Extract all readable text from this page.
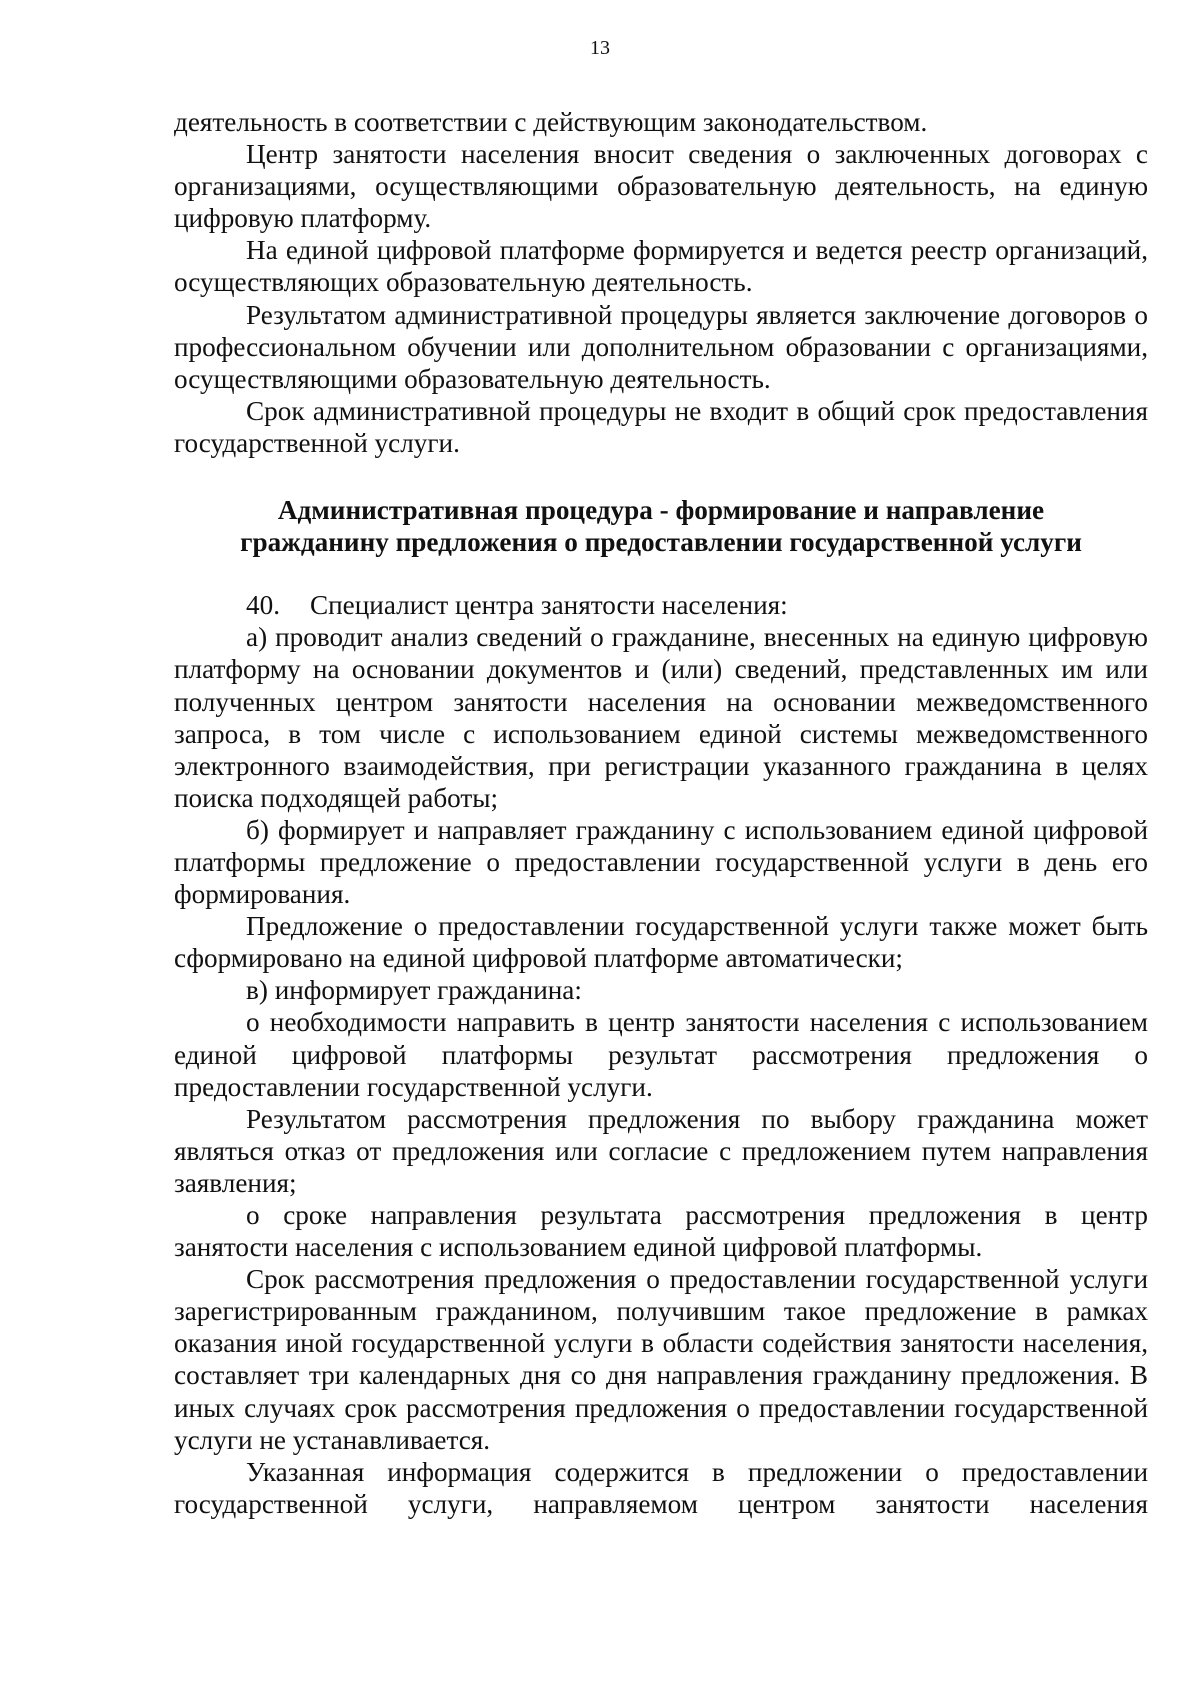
13

деятельность в соответствии с действующим законодательством.

Центр занятости населения вносит сведения о заключенных договорах с организациями, осуществляющими образовательную деятельность, на единую цифровую платформу.

На единой цифровой платформе формируется и ведется реестр организаций, осуществляющих образовательную деятельность.

Результатом административной процедуры является заключение договоров о профессиональном обучении или дополнительном образовании с организациями, осуществляющими образовательную деятельность.

Срок административной процедуры не входит в общий срок предоставления государственной услуги.

Административная процедура - формирование и направление
гражданину предложения о предоставлении государственной услуги

40. Специалист центра занятости населения:

а) проводит анализ сведений о гражданине, внесенных на единую цифровую платформу на основании документов и (или) сведений, представленных им или полученных центром занятости населения на основании межведомственного запроса, в том числе с использованием единой системы межведомственного электронного взаимодействия, при регистрации указанного гражданина в целях поиска подходящей работы;

б) формирует и направляет гражданину с использованием единой цифровой платформы предложение о предоставлении государственной услуги в день его формирования.

Предложение о предоставлении государственной услуги также может быть сформировано на единой цифровой платформе автоматически;

в) информирует гражданина:

о необходимости направить в центр занятости населения с использованием единой цифровой платформы результат рассмотрения предложения о предоставлении государственной услуги.

Результатом рассмотрения предложения по выбору гражданина может являться отказ от предложения или согласие с предложением путем направления заявления;

о сроке направления результата рассмотрения предложения в центр занятости населения с использованием единой цифровой платформы.

Срок рассмотрения предложения о предоставлении государственной услуги зарегистрированным гражданином, получившим такое предложение в рамках оказания иной государственной услуги в области содействия занятости населения, составляет три календарных дня со дня направления гражданину предложения. В иных случаях срок рассмотрения предложения о предоставлении государственной услуги не устанавливается.

Указанная информация содержится в предложении о предоставлении государственной услуги, направляемом центром занятости населения
